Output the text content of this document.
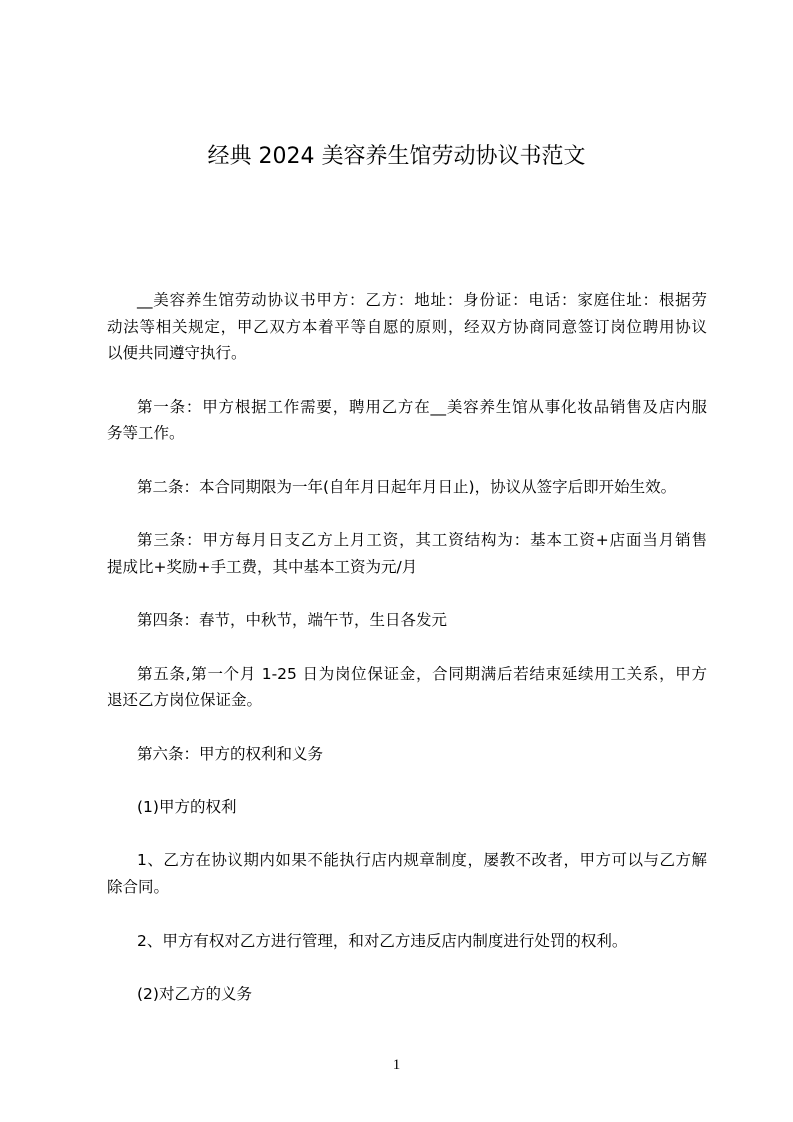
经典 2024 美容养生馆劳动协议书范文
__美容养生馆劳动协议书甲方：乙方：地址：身份证：电话：家庭住址：根据劳
动法等相关规定，甲乙双方本着平等自愿的原则，经双方协商同意签订岗位聘用协议
以便共同遵守执行。
第一条：甲方根据工作需要，聘用乙方在__美容养生馆从事化妆品销售及店内服
务等工作。
第二条：本合同期限为一年(自年月日起年月日止)，协议从签字后即开始生效。
第三条：甲方每月日支乙方上月工资，其工资结构为：基本工资+店面当月销售
提成比+奖励+手工费，其中基本工资为元/月
第四条：春节，中秋节，端午节，生日各发元
第五条,第一个月 1-25 日为岗位保证金，合同期满后若结束延续用工关系，甲方
退还乙方岗位保证金。
第六条：甲方的权利和义务
(1)甲方的权利
1、乙方在协议期内如果不能执行店内规章制度，屡教不改者，甲方可以与乙方解
除合同。
2、甲方有权对乙方进行管理，和对乙方违反店内制度进行处罚的权利。
(2)对乙方的义务
1
